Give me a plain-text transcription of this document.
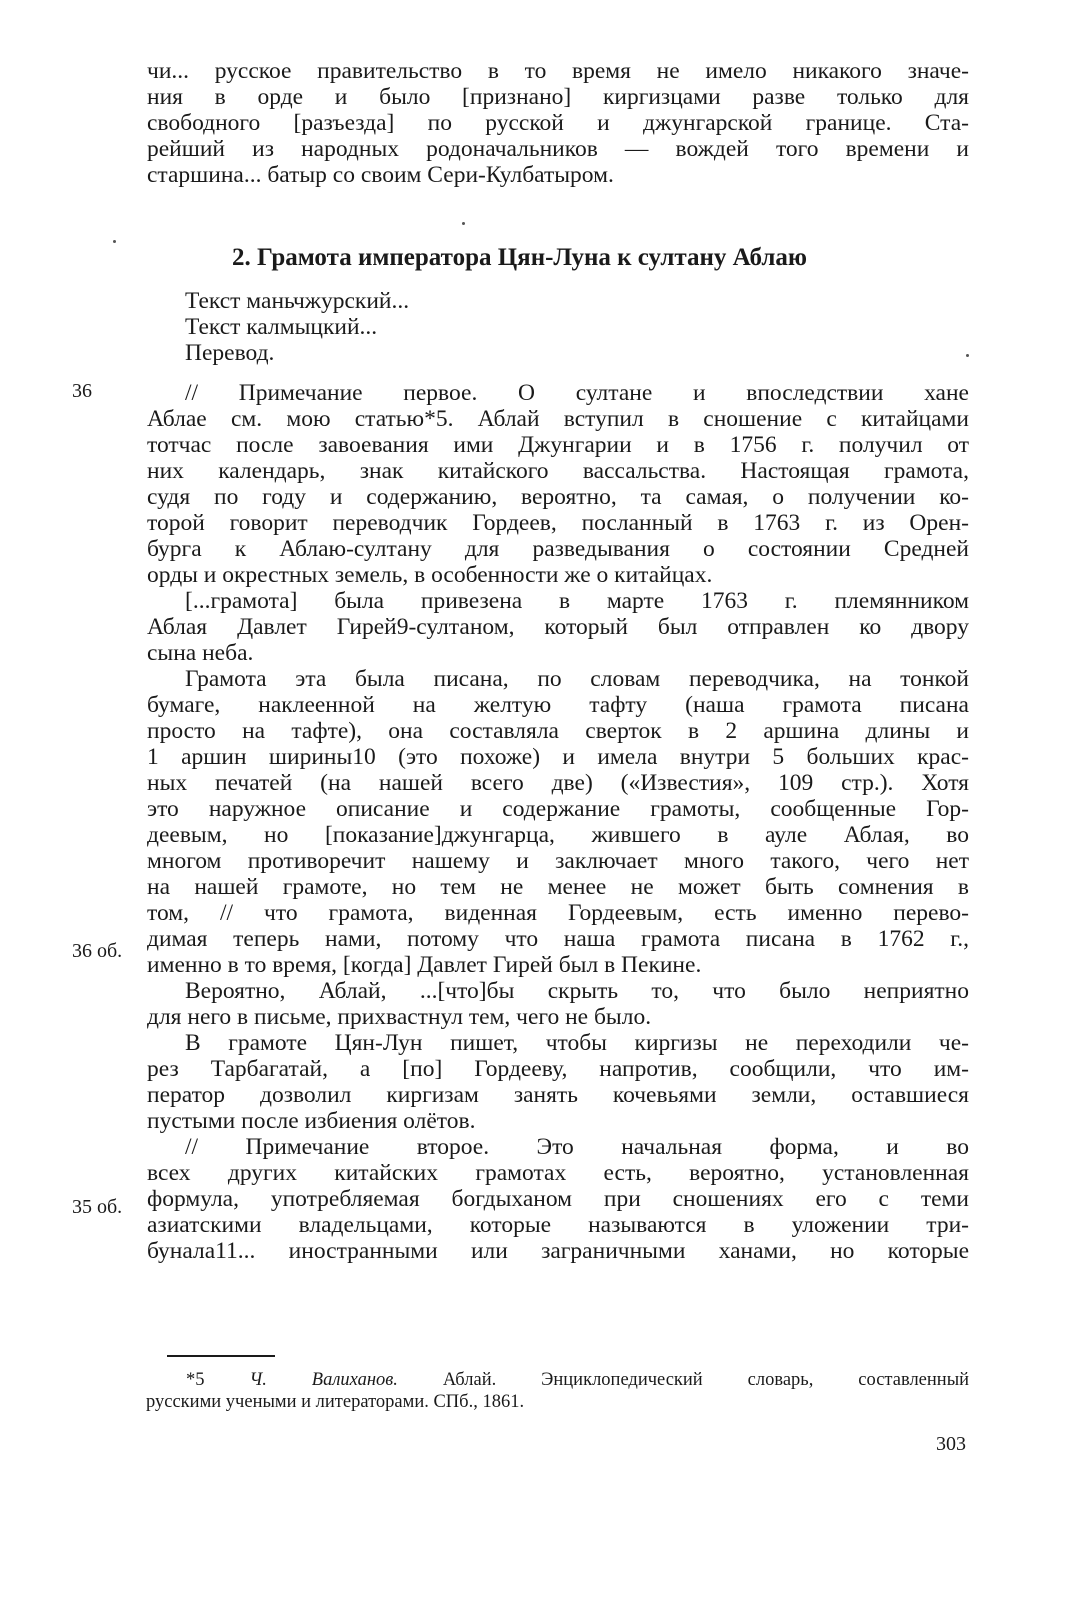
чи... русское правительство в то время не имело никакого значе-
ния в орде и было [признано] киргизцами разве только для
свободного [разъезда] по русской и джунгарской границе. Ста-
рейший из народных родоначальников — вождей того времени и
старшина... батыр со своим Сери-Кулбатыром.
2. Грамота императора Цян-Луна к султану Аблаю
Текст маньчжурский...
Текст калмыцкий...
Перевод.
36
36 об.
35 об.
// Примечание первое. О султане и впоследствии хане
Аблае см. мою статью*5. Аблай вступил в сношение с китайцами
тотчас после завоевания ими Джунгарии и в 1756 г. получил от
них календарь, знак китайского вассальства. Настоящая грамота,
судя по году и содержанию, вероятно, та самая, о получении ко-
торой говорит переводчик Гордеев, посланный в 1763 г. из Орен-
бурга к Аблаю-султану для разведывания о состоянии Средней
орды и окрестных земель, в особенности же о китайцах.
[...грамота] была привезена в марте 1763 г. племянником
Аблая Давлет Гирей9-султаном, который был отправлен ко двору
сына неба.
Грамота эта была писана, по словам переводчика, на тонкой
бумаге, наклеенной на желтую тафту (наша грамота писана
просто на тафте), она составляла сверток в 2 аршина длины и
1 аршин ширины10 (это похоже) и имела внутри 5 больших крас-
ных печатей (на нашей всего две) («Известия», 109 стр.). Хотя
это наружное описание и содержание грамоты, сообщенные Гор-
деевым, но [показание]джунгарца, жившего в ауле Аблая, во
многом противоречит нашему и заключает много такого, чего нет
на нашей грамоте, но тем не менее не может быть сомнения в
том, // что грамота, виденная Гордеевым, есть именно перево-
димая теперь нами, потому что наша грамота писана в 1762 г.,
именно в то время, [когда] Давлет Гирей был в Пекине.
Вероятно, Аблай, ...[что]бы скрыть то, что было неприятно
для него в письме, прихвастнул тем, чего не было.
В грамоте Цян-Лун пишет, чтобы киргизы не переходили че-
рез Тарбагатай, а [по] Гордееву, напротив, сообщили, что им-
ператор дозволил киргизам занять кочевьями земли, оставшиеся
пустыми после избиения олётов.
// Примечание второе. Это начальная форма, и во
всех других китайских грамотах есть, вероятно, установленная
формула, употребляемая богдыханом при сношениях его с теми
азиатскими владельцами, которые называются в уложении три-
бунала11... иностранными или заграничными ханами, но которые
*5 Ч. Валиханов. Аблай. Энциклопедический словарь, составленный
русскими учеными и литераторами. СПб., 1861.
303
